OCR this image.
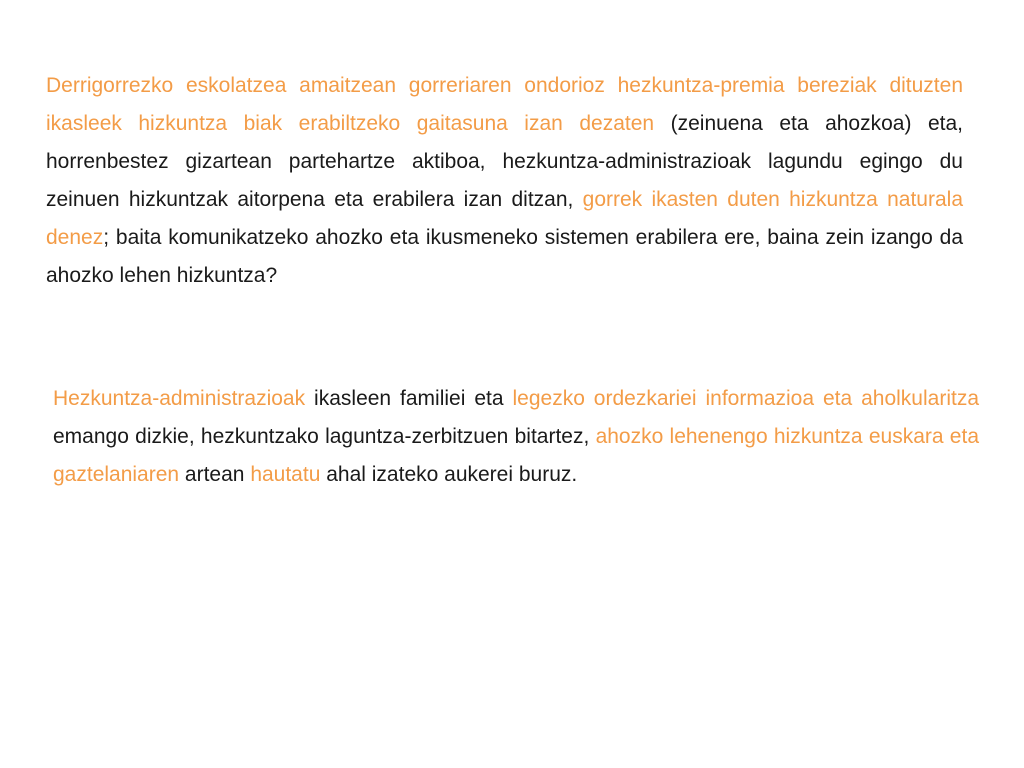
Derrigorrezko eskolatzea amaitzean gorreriaren ondorioz hezkuntza-premia bereziak dituzten ikasleek hizkuntza biak erabiltzeko gaitasuna izan dezaten (zeinuena eta ahozkoa) eta, horrenbestez gizartean partehartze aktiboa, hezkuntza-administrazioak lagundu egingo du zeinuen hizkuntzak aitorpena eta erabilera izan ditzan, gorrek ikasten duten hizkuntza naturala denez; baita komunikatzeko ahozko eta ikusmeneko sistemen erabilera ere, baina zein izango da ahozko lehen hizkuntza?

Hezkuntza-administrazioak ikasleen familiei eta legezko ordezkariei informazioa eta aholkularitza emango dizkie, hezkuntzako laguntza-zerbitzuen bitartez, ahozko lehenengo hizkuntza euskara eta gaztelaniaren artean hautatu ahal izateko aukerei buruz.
